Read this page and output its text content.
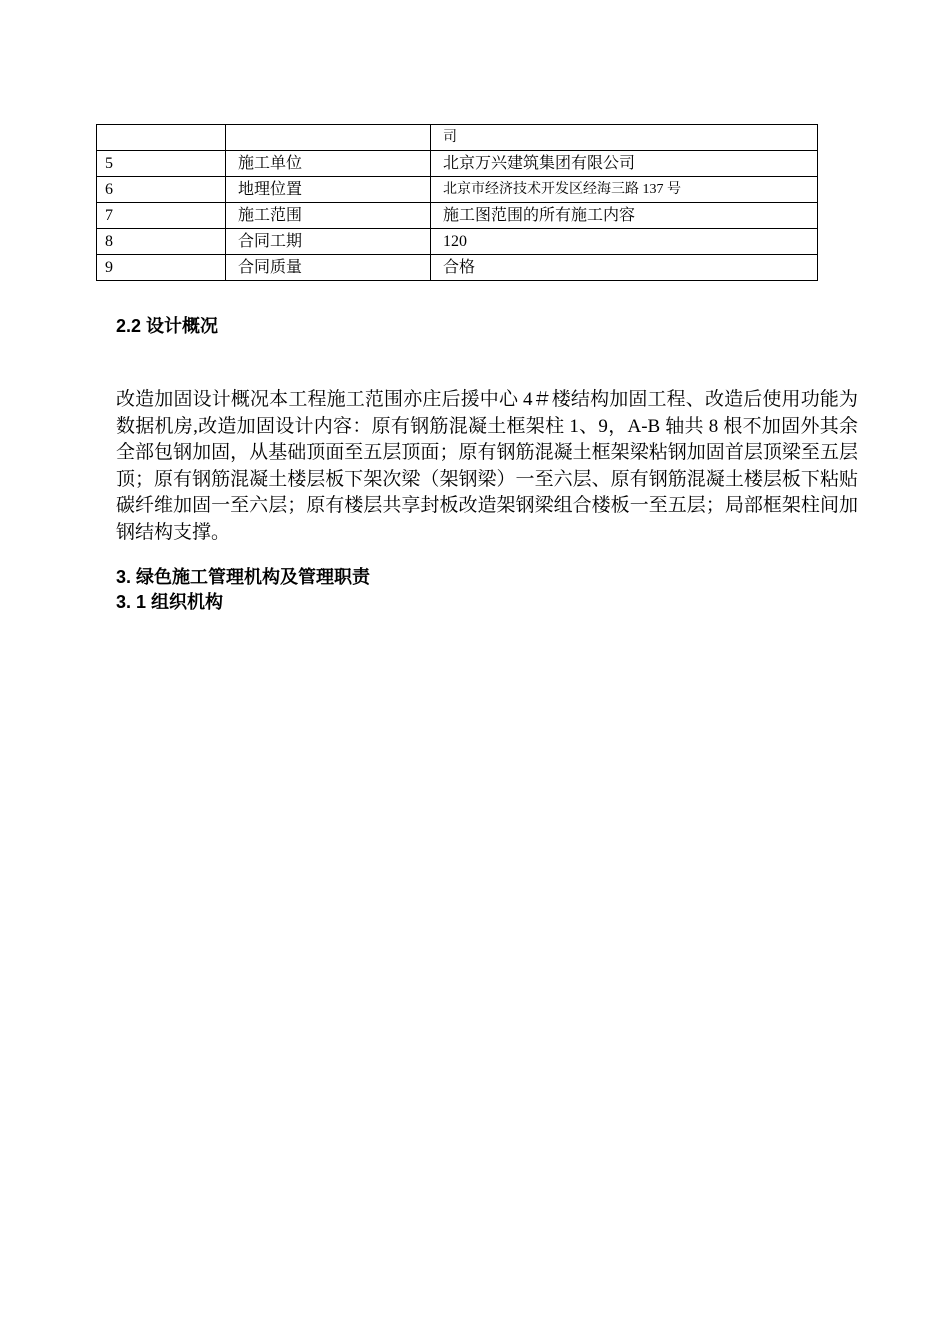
		司
5	施工单位	北京万兴建筑集团有限公司
6	地理位置	北京市经济技术开发区经海三路 137 号
7	施工范围	施工图范围的所有施工内容
8	合同工期	120
9	合同质量	合格
2.2 设计概况

改造加固设计概况本工程施工范围亦庄后援中心 4＃楼结构加固工程、改造后使用功能为数据机房,改造加固设计内容：原有钢筋混凝土框架柱 1、9，A-B 轴共 8 根不加固外其余全部包钢加固，从基础顶面至五层顶面；原有钢筋混凝土框架梁粘钢加固首层顶梁至五层顶；原有钢筋混凝土楼层板下架次梁（架钢梁）一至六层、原有钢筋混凝土楼层板下粘贴碳纤维加固一至六层；原有楼层共享封板改造架钢梁组合楼板一至五层；局部框架柱间加钢结构支撑。

3. 绿色施工管理机构及管理职责
3. 1 组织机构
